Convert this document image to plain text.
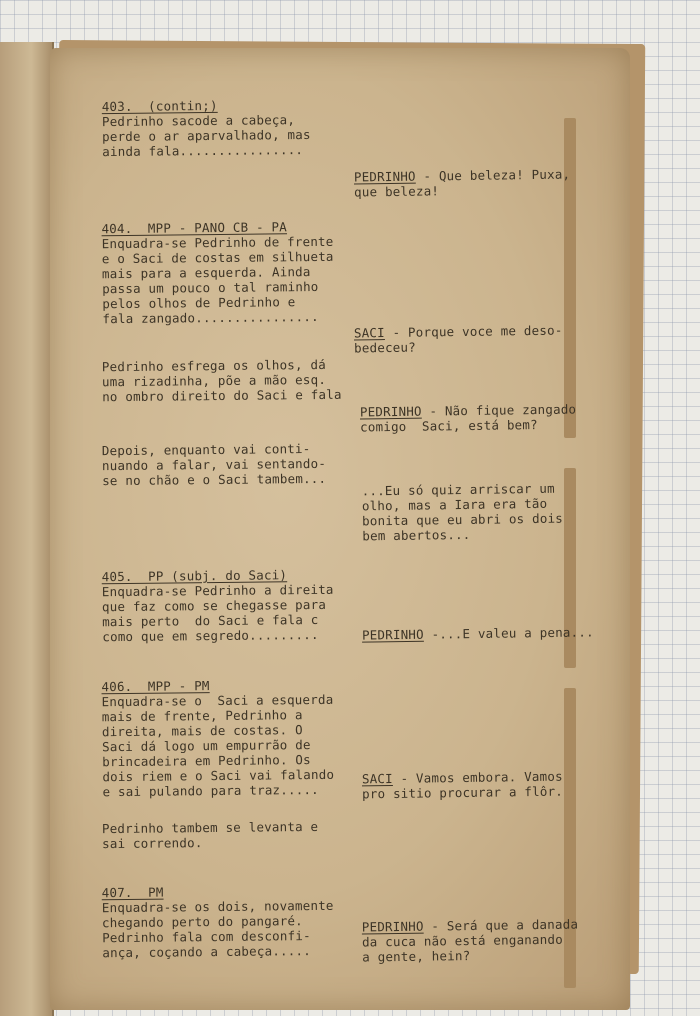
403.  (contin;)
Pedrinho sacode a cabeça,
perde o ar aparvalhado, mas
ainda fala................
404.  MPP - PANO CB - PA
Enquadra-se Pedrinho de frente
e o Saci de costas em silhueta
mais para a esquerda. Ainda
passa um pouco o tal raminho
pelos olhos de Pedrinho e
fala zangado................
Pedrinho esfrega os olhos, dá
uma rizadinha, põe a mão esq.
no ombro direito do Saci e fala
Depois, enquanto vai conti-
nuando a falar, vai sentando-
se no chão e o Saci tambem...
405.  PP (subj. do Saci)
Enquadra-se Pedrinho a direita
que faz como se chegasse para
mais perto  do Saci e fala c
como que em segredo.........
406.  MPP - PM
Enquadra-se o  Saci a esquerda
mais de frente, Pedrinho a
direita, mais de costas. O
Saci dá logo um empurrão de
brincadeira em Pedrinho. Os
dois riem e o Saci vai falando
e sai pulando para traz.....
Pedrinho tambem se levanta e
sai correndo.
407.  PM
Enquadra-se os dois, novamente
chegando perto do pangaré.
Pedrinho fala com desconfi-
ança, coçando a cabeça.....
PEDRINHO - Que beleza! Puxa,
que beleza!
SACI - Porque voce me deso-
bedeceu?
PEDRINHO - Não fique zangado
comigo  Saci, está bem?
...Eu só quiz arriscar um
olho, mas a Iara era tão
bonita que eu abri os dois
bem abertos...
PEDRINHO -...E valeu a pena...
SACI - Vamos embora. Vamos
pro sitio procurar a flôr.
PEDRINHO - Será que a danada
da cuca não está enganando
a gente, hein?
